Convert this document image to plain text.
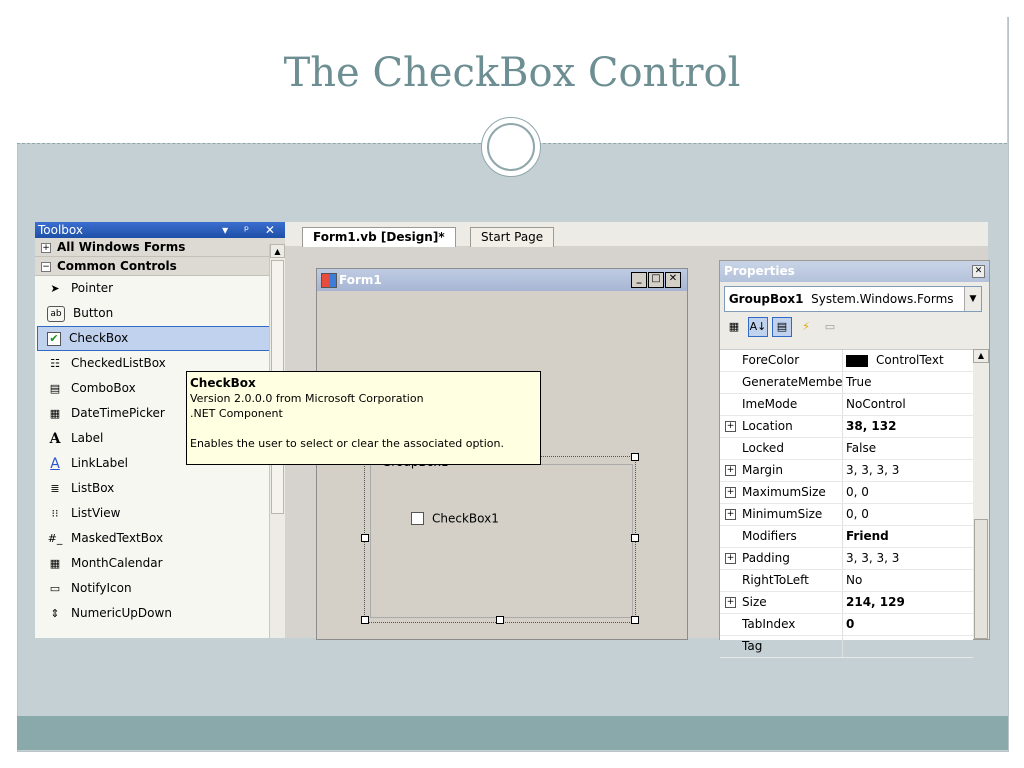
The CheckBox Control
Toolbox	▾ ᵖ ✕
+ All Windows Forms
− Common Controls
➤ Pointer
ab Button
✔ CheckBox
☷ CheckedListBox
▤ ComboBox
▦ DateTimePicker
A Label
A LinkLabel
≣ ListBox
⁝⁝ ListView
#_ MaskedTextBox
▦ MonthCalendar
▭ NotifyIcon
⇕ NumericUpDown
▲
Form1.vb [Design]*	Start Page
Form1	_ □ ✕
CheckBox1
CheckBox
Version 2.0.0.0 from Microsoft Corporation
.NET Component

Enables the user to select or clear the associated option.
Properties	✕
GroupBox1 System.Windows.Forms	▼
▦ A↓ ▤ ⚡ ▭
ForeColor	ControlText
GenerateMembe True
ImeMode	NoControl
+ Location	38, 132
Locked	False
+ Margin	3, 3, 3, 3
+ MaximumSize	0, 0
+ MinimumSize	0, 0
Modifiers	Friend
+ Padding	3, 3, 3, 3
RightToLeft	No
+ Size	214, 129
TabIndex	0
Tag
▲
